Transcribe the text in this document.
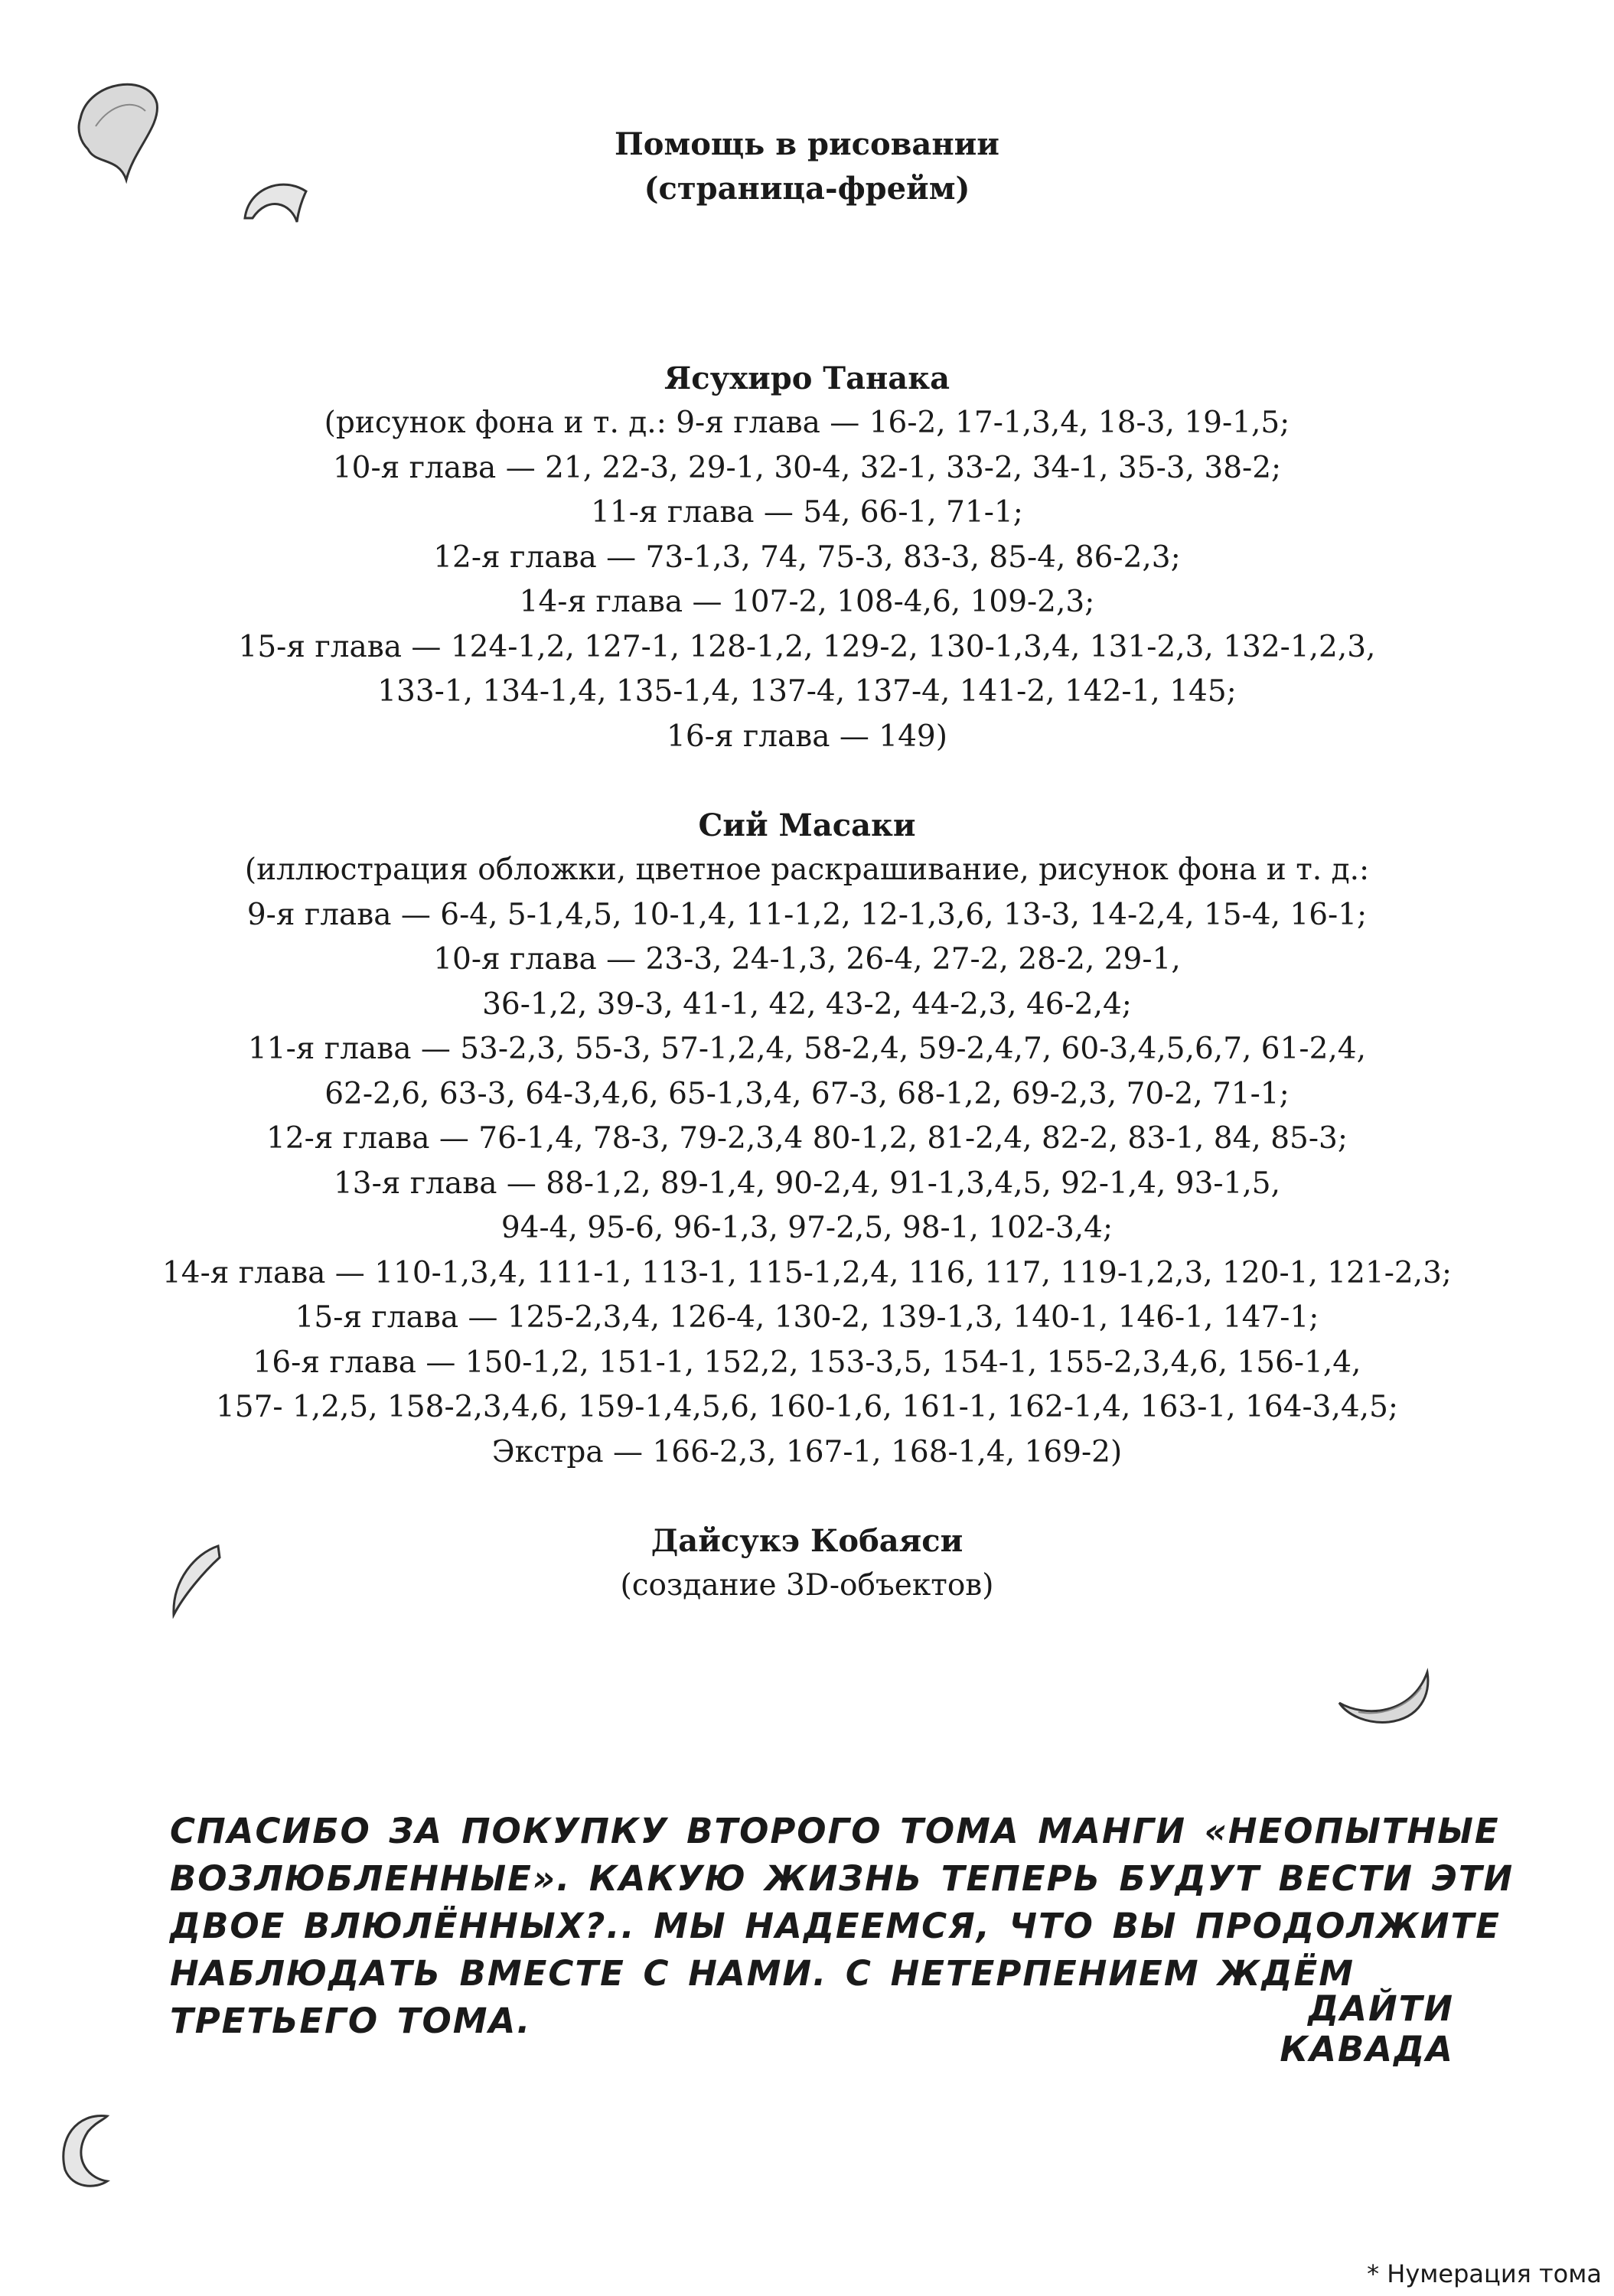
Помощь в рисовании

(страница-фрейм)

Ясухиро Танака

(рисунок фона и т. д.: 9-я глава — 16-2, 17-1,3,4, 18-3, 19-1,5;

10-я глава — 21, 22-3, 29-1, 30-4, 32-1, 33-2, 34-1, 35-3, 38-2;

11-я глава — 54, 66-1, 71-1;

12-я глава — 73-1,3, 74, 75-3, 83-3, 85-4, 86-2,3;

14-я глава — 107-2, 108-4,6, 109-2,3;

15-я глава — 124-1,2, 127-1, 128-1,2, 129-2, 130-1,3,4, 131-2,3, 132-1,2,3,

133-1, 134-1,4, 135-1,4, 137-4, 137-4, 141-2, 142-1, 145;

16-я глава — 149)

Сий Масаки

(иллюстрация обложки, цветное раскрашивание, рисунок фона и т. д.:

9-я глава — 6-4, 5-1,4,5, 10-1,4, 11-1,2, 12-1,3,6, 13-3, 14-2,4, 15-4, 16-1;

10-я глава — 23-3, 24-1,3, 26-4, 27-2, 28-2, 29-1,

36-1,2, 39-3, 41-1, 42, 43-2, 44-2,3, 46-2,4;

11-я глава — 53-2,3, 55-3, 57-1,2,4, 58-2,4, 59-2,4,7, 60-3,4,5,6,7, 61-2,4,

62-2,6, 63-3, 64-3,4,6, 65-1,3,4, 67-3, 68-1,2, 69-2,3, 70-2, 71-1;

12-я глава — 76-1,4, 78-3, 79-2,3,4 80-1,2, 81-2,4, 82-2, 83-1, 84, 85-3;

13-я глава — 88-1,2, 89-1,4, 90-2,4, 91-1,3,4,5, 92-1,4, 93-1,5,

94-4, 95-6, 96-1,3, 97-2,5, 98-1, 102-3,4;

14-я глава — 110-1,3,4, 111-1, 113-1, 115-1,2,4, 116, 117, 119-1,2,3, 120-1, 121-2,3;

15-я глава — 125-2,3,4, 126-4, 130-2, 139-1,3, 140-1, 146-1, 147-1;

16-я глава — 150-1,2, 151-1, 152,2, 153-3,5, 154-1, 155-2,3,4,6, 156-1,4,

157- 1,2,5, 158-2,3,4,6, 159-1,4,5,6, 160-1,6, 161-1, 162-1,4, 163-1, 164-3,4,5;

Экстра — 166-2,3, 167-1, 168-1,4, 169-2)

Дайсукэ Кобаяси

(создание 3D-объектов)

СПАСИБО ЗА ПОКУПКУ ВТОРОГО ТОМА МАНГИ «НЕОПЫТНЫЕ
ВОЗЛЮБЛЕННЫЕ». КАКУЮ ЖИЗНЬ ТЕПЕРЬ БУДУТ ВЕСТИ ЭТИ
ДВОЕ ВЛЮЛЁННЫХ?.. МЫ НАДЕЕМСЯ, ЧТО ВЫ ПРОДОЛЖИТЕ
НАБЛЮДАТЬ ВМЕСТЕ С НАМИ. С НЕТЕРПЕНИЕМ ЖДЁМ
ТРЕТЬЕГО ТОМА.	ДАЙТИ КАВАДА

* Нумерация тома
